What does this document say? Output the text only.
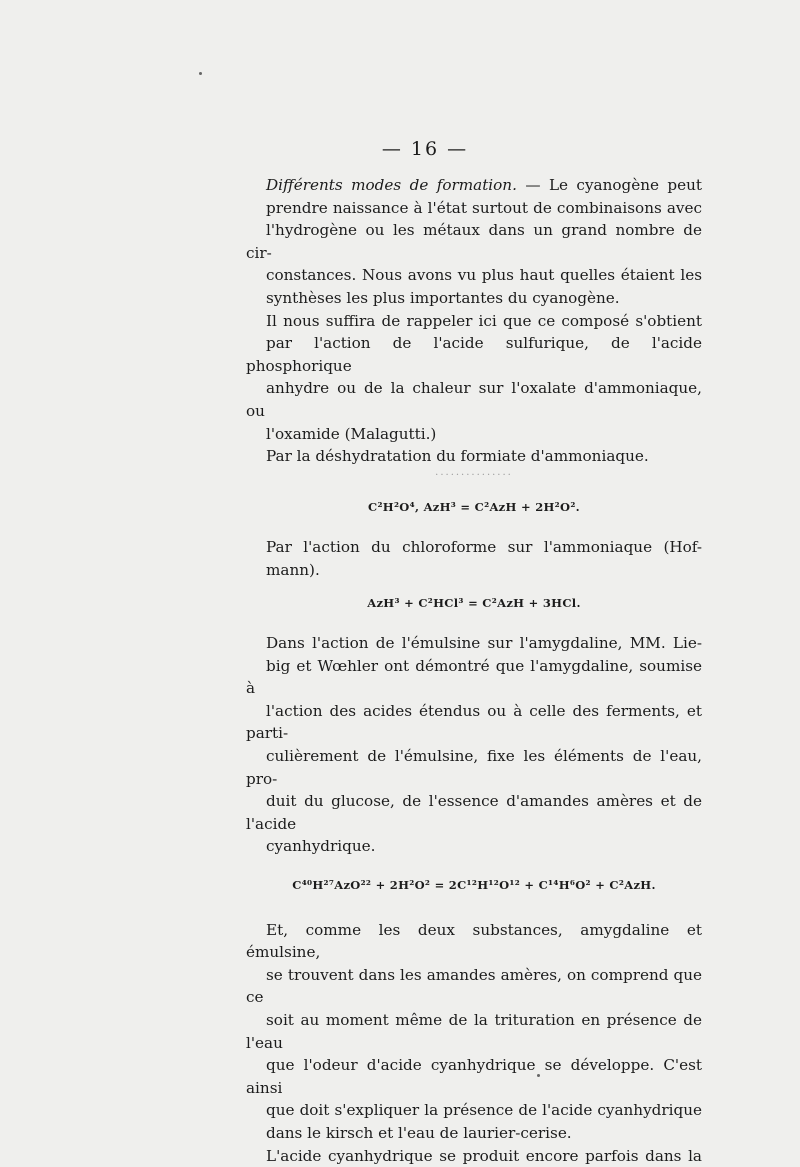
— 16 —
Différents modes de formation. — Le cyanogène peut
prendre naissance à l'état surtout de combinaisons avec
l'hydrogène ou les métaux dans un grand nombre de cir-
constances. Nous avons vu plus haut quelles étaient les
synthèses les plus importantes du cyanogène.
Il nous suffira de rappeler ici que ce composé s'obtient
par l'action de l'acide sulfurique, de l'acide phosphorique
anhydre ou de la chaleur sur l'oxalate d'ammoniaque, ou
l'oxamide (Malagutti.)
Par la déshydratation du formiate d'ammoniaque.

...............

C²H²O⁴, AzH³ = C²AzH + 2H²O².

Par l'action du chloroforme sur l'ammoniaque (Hof-
mann).

AzH³ + C²HCl³ = C²AzH + 3HCl.

Dans l'action de l'émulsine sur l'amygdaline, MM. Lie-
big et Wœhler ont démontré que l'amygdaline, soumise à
l'action des acides étendus ou à celle des ferments, et parti-
culièrement de l'émulsine, fixe les éléments de l'eau, pro-
duit du glucose, de l'essence d'amandes amères et de l'acide
cyanhydrique.

C⁴⁰H²⁷AzO²² + 2H²O² = 2C¹²H¹²O¹² + C¹⁴H⁶O² + C²AzH.

Et, comme les deux substances, amygdaline et émulsine,
se trouvent dans les amandes amères, on comprend que ce
soit au moment même de la trituration en présence de l'eau
que l'odeur d'acide cyanhydrique se développe. C'est ainsi
que doit s'expliquer la présence de l'acide cyanhydrique
dans le kirsch et l'eau de laurier-cerise.
L'acide cyanhydrique se produit encore parfois dans la
